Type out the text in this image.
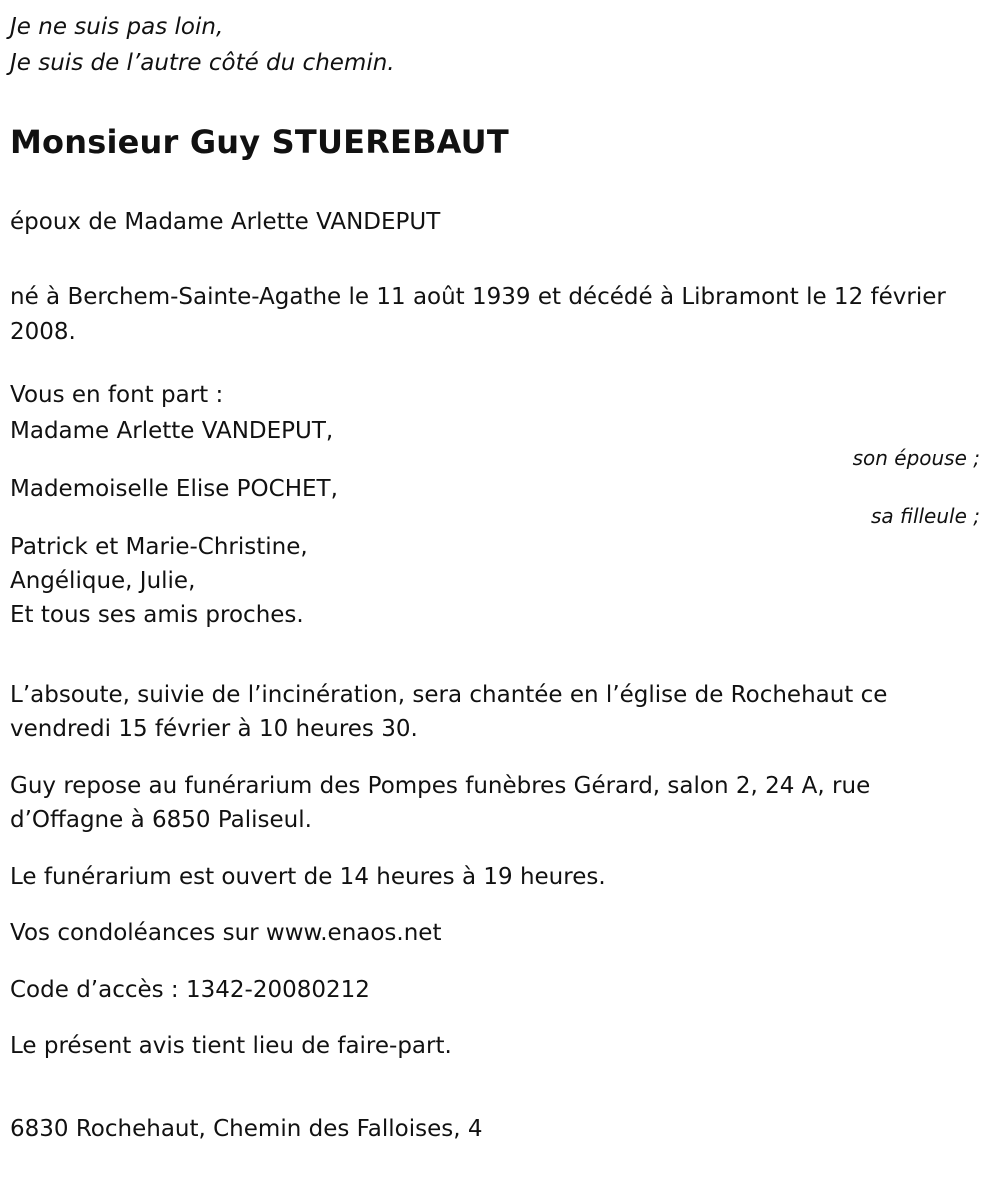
Je ne suis pas loin,
Je suis de l’autre côté du chemin.
Monsieur Guy STUEREBAUT
époux de Madame Arlette VANDEPUT
né à Berchem-Sainte-Agathe le 11 août 1939 et décédé à Libramont le 12 février 2008.
Vous en font part :
Madame Arlette VANDEPUT,
son épouse ;
Mademoiselle Elise POCHET,
sa filleule ;
Patrick et Marie-Christine,
Angélique, Julie,
Et tous ses amis proches.
L’absoute, suivie de l’incinération, sera chantée en l’église de Rochehaut ce vendredi 15 février à 10 heures 30.
Guy repose au funérarium des Pompes funèbres Gérard, salon 2, 24 A, rue d’Offagne à 6850 Paliseul.
Le funérarium est ouvert de 14 heures à 19 heures.
Vos condoléances sur www.enaos.net
Code d’accès : 1342-20080212
Le présent avis tient lieu de faire-part.
6830 Rochehaut, Chemin des Falloises, 4
